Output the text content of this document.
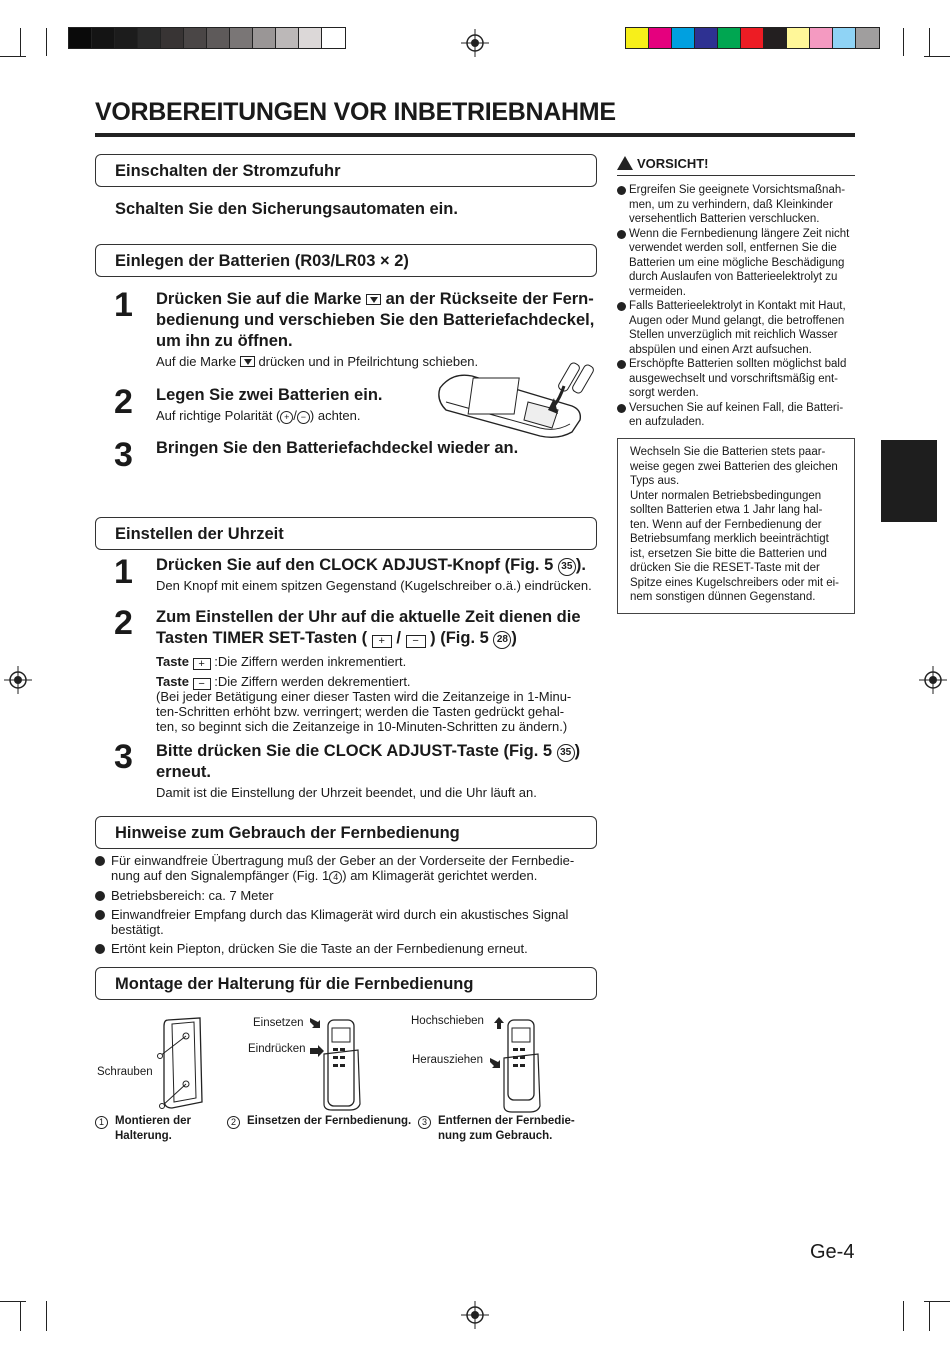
VORBEREITUNGEN VOR INBETRIEBNAHME
Einschalten der Stromzufuhr
Schalten Sie den Sicherungsautomaten ein.
Einlegen der Batterien (R03/LR03 × 2)
1 Drücken Sie auf die Marke an der Rückseite der Fern-
bedienung und verschieben Sie den Batteriefachdeckel,
um ihn zu öffnen.
Auf die Marke drücken und in Pfeilrichtung schieben.
2 Legen Sie zwei Batterien ein.
Auf richtige Polarität ( + / − ) achten.
3 Bringen Sie den Batteriefachdeckel wieder an.
Einstellen der Uhrzeit
1 Drücken Sie auf den CLOCK ADJUST-Knopf (Fig. 5 35 ).
Den Knopf mit einem spitzen Gegenstand (Kugelschreiber o.ä.) eindrücken.
2 Zum Einstellen der Uhr auf die aktuelle Zeit dienen die
Tasten TIMER SET-Tasten ( + / − ) (Fig. 5 28 )
Taste + :Die Ziffern werden inkrementiert.
Taste − :Die Ziffern werden dekrementiert.
(Bei jeder Betätigung einer dieser Tasten wird die Zeitanzeige in 1-Minu-
ten-Schritten erhöht bzw. verringert; werden die Tasten gedrückt gehal-
ten, so beginnt sich die Zeitanzeige in 10-Minuten-Schritten zu ändern.)
3 Bitte drücken Sie die CLOCK ADJUST-Taste (Fig. 5 35 )
erneut.
Damit ist die Einstellung der Uhrzeit beendet, und die Uhr läuft an.
Hinweise zum Gebrauch der Fernbedienung
Für einwandfreie Übertragung muß der Geber an der Vorderseite der Fernbedie-
nung auf den Signalempfänger (Fig. 1 4 ) am Klimagerät gerichtet werden.
Betriebsbereich: ca. 7 Meter
Einwandfreier Empfang durch das Klimagerät wird durch ein akustisches Signal
bestätigt.
Ertönt kein Piepton, drücken Sie die Taste an der Fernbedienung erneut.
Montage der Halterung für die Fernbedienung
Schrauben
Einsetzen
Eindrücken
Hochschieben
Herausziehen
1 Montieren der
Halterung.
2 Einsetzen der Fernbedienung.	3 Entfernen der Fernbedie-
nung zum Gebrauch.
VORSICHT!
Ergreifen Sie geeignete Vorsichtsmaßnah-
men, um zu verhindern, daß Kleinkinder
versehentlich Batterien verschlucken.
Wenn die Fernbedienung längere Zeit nicht
verwendet werden soll, entfernen Sie die
Batterien um eine mögliche Beschädigung
durch Auslaufen von Batterieelektrolyt zu
vermeiden.
Falls Batterieelektrolyt in Kontakt mit Haut,
Augen oder Mund gelangt, die betroffenen
Stellen unverzüglich mit reichlich Wasser
abspülen und einen Arzt aufsuchen.
Erschöpfte Batterien sollten möglichst bald
ausgewechselt und vorschriftsmäßig ent-
sorgt werden.
Versuchen Sie auf keinen Fall, die Batteri-
en aufzuladen.
Wechseln Sie die Batterien stets paar-
weise gegen zwei Batterien des gleichen
Typs aus.
Unter normalen Betriebsbedingungen
sollten Batterien etwa 1 Jahr lang hal-
ten. Wenn auf der Fernbedienung der
Betriebsumfang merklich beeinträchtigt
ist, ersetzen Sie bitte die Batterien und
drücken Sie die RESET-Taste mit der
Spitze eines Kugelschreibers oder mit ei-
nem sonstigen dünnen Gegenstand.
Ge-4
